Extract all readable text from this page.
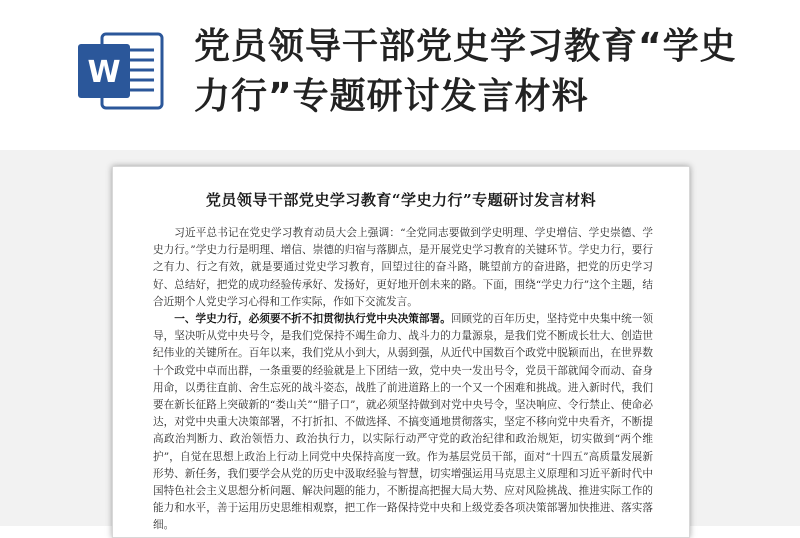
W
党员领导干部党史学习教育“学史力行”专题研讨发言材料
党员领导干部党史学习教育“学史力行”专题研讨发言材料

习近平总书记在党史学习教育动员大会上强调：“全党同志要做到学史明理、学史增信、学史崇德、学史力行。”学史力行是明理、增信、崇德的归宿与落脚点，是开展党史学习教育的关键环节。学史力行，要行之有力、行之有效，就是要通过党史学习教育，回望过往的奋斗路，眺望前方的奋进路，把党的历史学习好、总结好，把党的成功经验传承好、发扬好，更好地开创未来的路。下面，围绕“学史力行”这个主题，结合近期个人党史学习心得和工作实际，作如下交流发言。

一、学史力行，必须要不折不扣贯彻执行党中央决策部署。回顾党的百年历史，坚持党中央集中统一领导，坚决听从党中央号令，是我们党保持不竭生命力、战斗力的力量源泉，是我们党不断成长壮大、创造世纪伟业的关键所在。百年以来，我们党从小到大，从弱到强，从近代中国数百个政党中脱颖而出，在世界数十个政党中卓而出群，一条重要的经验就是上下团结一致，党中央一发出号令，党员干部就闻令而动、奋身用命，以勇往直前、舍生忘死的战斗姿态，战胜了前进道路上的一个又一个困难和挑战。进入新时代，我们要在新长征路上突破新的“娄山关”“腊子口”，就必须坚持做到对党中央号令，坚决响应、令行禁止、使命必达，对党中央重大决策部署，不打折扣、不做选择、不搞变通地贯彻落实，坚定不移向党中央看齐，不断提高政治判断力、政治领悟力、政治执行力，以实际行动严守党的政治纪律和政治规矩，切实做到“两个维护”，自觉在思想上政治上行动上同党中央保持高度一致。作为基层党员干部，面对“十四五”高质量发展新形势、新任务，我们要学会从党的历史中汲取经验与智慧，切实增强运用马克思主义原理和习近平新时代中国特色社会主义思想分析问题、解决问题的能力，不断提高把握大局大势、应对风险挑战、推进实际工作的能力和水平，善于运用历史思维相观察，把工作一路保持党中央和上级党委各项决策部署加快推进、落实落细。
